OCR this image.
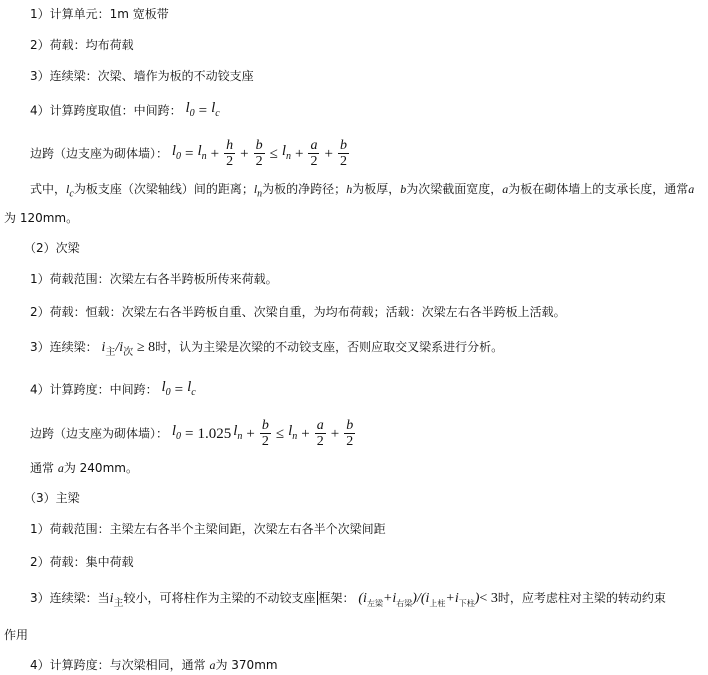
1）计算单元：1m 宽板带
2）荷载：均布荷载
3）连续梁：次梁、墙作为板的不动铰支座
4）计算跨度取值：中间跨： $l_0 = l_c$
边跨（边支座为砌体墙）： $l_0 = l_n + \frac{h}{2} + \frac{b}{2} \le l_n + \frac{a}{2} + \frac{b}{2}$
式中，$l_c$为板支座（次梁轴线）间的距离；$l_n$为板的净跨径；h为板厚，b为次梁截面宽度，a为板在砌体墙上的支承长度，通常a
为 120mm。
（2）次梁
1）荷载范围：次梁左右各半跨板所传来荷载。
2）荷载：恒载：次梁左右各半跨板自重、次梁自重，为均布荷载；活载：次梁左右各半跨板上活载。
3）连续梁： $i_主/i_次 \ge 8$时，认为主梁是次梁的不动铰支座，否则应取交叉梁系进行分析。
4）计算跨度：中间跨： $l_0 = l_c$
边跨（边支座为砌体墙）： $l_0 = 1.025$ $l_n + \frac{b}{2} \le l_n + \frac{a}{2} + \frac{b}{2}$
通常 a为 240mm。
（3）主梁
1）荷载范围：主梁左右各半个主梁间距，次梁左右各半个次梁间距
2）荷载：集中荷载
3）连续梁：当$i_主$较小，可将柱作为主梁的不动铰支座 框架： $(i_{左梁}+i_{右梁})/(i_{上柱}+i_{下柱})< 3$时，应考虑柱对主梁的转动约束
作用
4）计算跨度：与次梁相同，通常 a为 370mm
